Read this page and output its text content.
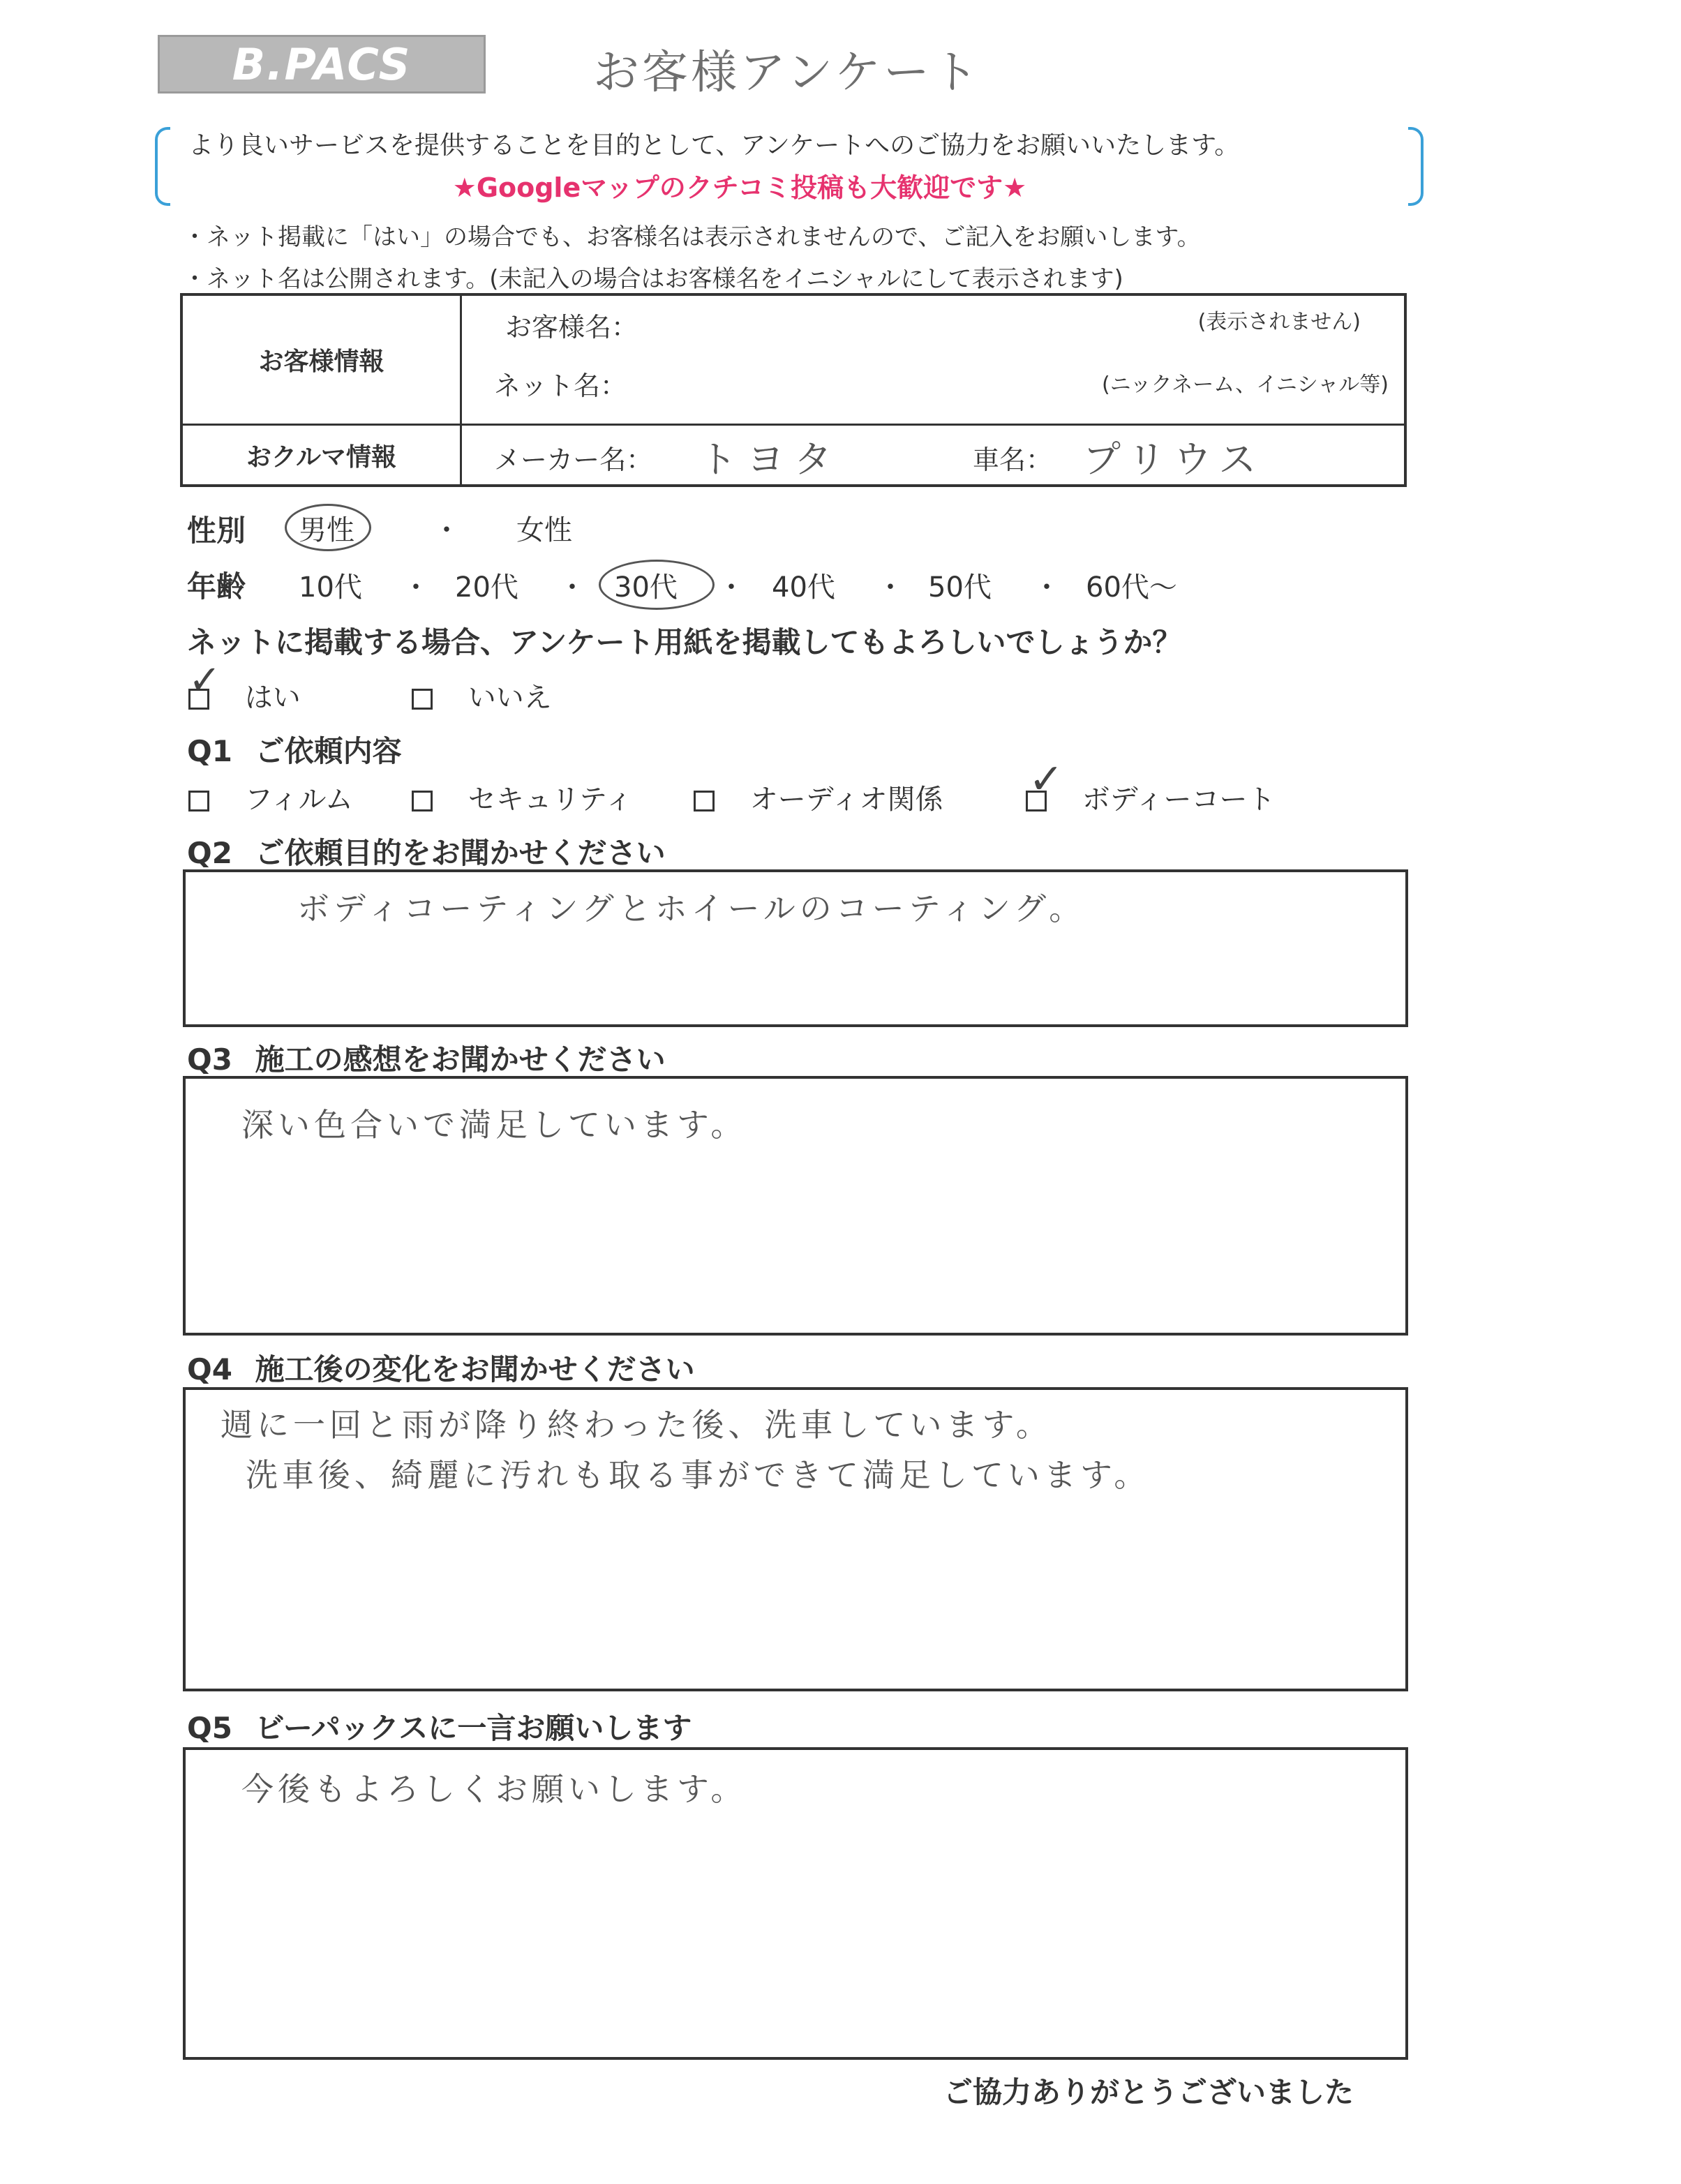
B.PACS	お客様アンケート
より良いサービスを提供することを目的として、アンケートへのご協力をお願いいたします。
★Googleマップのクチコミ投稿も大歓迎です★
・ネット掲載に「はい」の場合でも、お客様名は表示されませんので、ご記入をお願いします。
・ネット名は公開されます。(未記入の場合はお客様名をイニシャルにして表示されます)
お客様情報
お客様名：	(表示されません)
ネット名：	(ニックネーム、イニシャル等)
おクルマ情報	メーカー名： トヨタ	車名： プリウス
性別 男性	・ 女性
年齢 10代 ・ 20代 ・ 30代 ・ 40代 ・ 50代 ・ 60代～
ネットに掲載する場合、アンケート用紙を掲載してもよろしいでしょうか？
はい
✓	いいえ
Q1 ご依頼内容
フィルム	セキュリティ	オーディオ関係	ボディーコート
✓
Q2 ご依頼目的をお聞かせください
ボディコーティングとホイールのコーティング。
Q3 施工の感想をお聞かせください
深い色合いで満足しています。
Q4 施工後の変化をお聞かせください
週に一回と雨が降り終わった後、洗車しています。
洗車後、綺麗に汚れも取る事ができて満足しています。
Q5 ビーパックスに一言お願いします
今後もよろしくお願いします。
ご協力ありがとうございました
